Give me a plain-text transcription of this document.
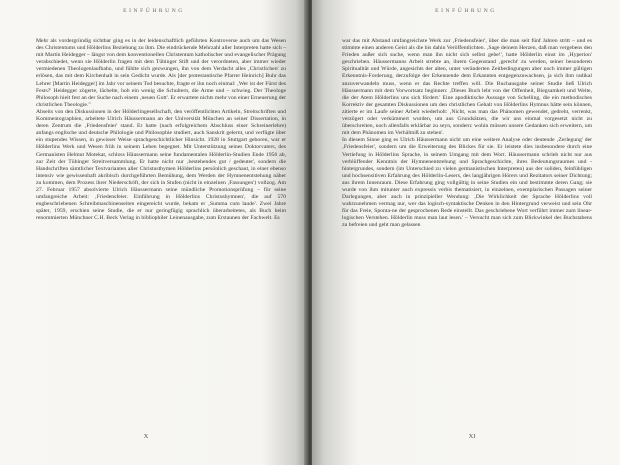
EINFÜHRUNG

Mehr als vordergründig sichtbar ging es in der leidenschaftlich geführten Kontroverse auch um das Wesen des Christentums und Hölderlins Beziehung zu ihm. Die eindrückende Mehrzahl aller Interpreten hatte sich – mit Martin Heidegger – längst von dem konventionellen Christentum katholischer und evangelischer Prägung verabschiedet, wenn sie Hölderlin fragen mit dem Tübinger Stift und der verordneten, aber immer wieder vermiedenen Theologenlaufbahn, und fühlte sich gezwungen, ihn von dem Verdacht alles ‚Christlichen' zu erlösen, das mit dem Kirchenhalt in sein Gedicht wurde. Als [der protestantische Pfarrer Heinrich] Buhr das Lehrer [Martin Heidegger] im Jahr vor seinem Tod besuchte, fragte er ihn noch einmal: ‚Wer ist der Fürst des Fests?' Heidegger zögerte, lächelte, hob ein wenig die Schultern, die Arme und – schwieg. Der Theologe Philosoph hielt fest an der Suche nach einem ‚neuen Gott'. Er erwartete nichts mehr von einer Erneuerung der christlichen Theologie."

Abseits von den Diskussionen in der Hölderlingesellschaft, den veröffentlichten Artikeln, Streitschriften und Kommentographien, arbeitete Ulrich Häussermann an der Universität München an seiner Dissertation, in deren Zentrum die ‚Friedensfeier' stand. Er hatte (nach erfolgreichem Abschluss einer Schreinerlehre) anfangs englische und deutsche Philologie und Philosophie studiert, auch Sanskrit gelernt, und verfügte über ein stupendes Wissen, in gewisser Weise sprachgeschichtlicher Hinsicht. 1928 in Stuttgart geboren, war er Hölderlins Werk und Wesen früh in seinem Leben begegnet. Mit Unterstützung seines Doktorvaters, des Germanisten Helmut Motekat, schloss Häussermann seine fundamentalen Hölderlin-Studien Ende 1956 ab, zur Zeit der Tübinger Streitversammlung. Er hatte nicht nur ‚bestehendes gut / gedeutet', sondern die Handschriften sämtlicher Textvarianten aller Christusthymen Hölderlins persönlich geschaut, in einer ebenso intensiv wie gewissenhaft akribisch durchgeführten Bemühung, dem Werden der Hymnenentstehung näher zu kommen, dem Prozess ihrer Niederschrift, der sich in Stufen (nicht in einzelnen ‚Fassungen') vollzog. Am 27. Februar 1957 absolvierte Ulrich Häussermann seine mündliche Promotionsprüfung – für seine umfangreiche Arbeit: ‚Friedensfeier. Einführung in Hölderlins Christushymnen', die auf 570 engbeschriebenen Schreibmaschinenseiten eingereicht wurde, bekam er ‚Summa cum laude'. Zwei Jahre später, 1959, erschien seine Studie, die er nur geringfügig sprachlich überarbeitetes, als Buch beim renommierten Münchner C.H. Beck Verlag in bibliophiler Leinenausgabe, zum Erstaunen der Fachwelt. Es

X
EINFÜHRUNG

war das mit Abstand umfangreichste Werk zur ‚Friedensfeier', über die man seit fünf Jahren stritt – und es stimmte einen anderen Geist als die bis dahin Veröffentlichten. ‚Sage deinem Herzen, daß man vergebens den Frieden außer sich suche, wenn man ihn nicht sich selbst gebe!', hatte Hölderlin einst im ‚Hyperion' geschrieben. Häussermanns Arbeit strebte an, ihrem Gegenstand ‚gerecht' zu werden, seiner besonderen Spiritualität und Würde, angesichts der alten, unter veränderten Zeitbedingungen aber noch immer gültigen Erkenntnis-Forderung, derzufolge der Erkennende dem Erkannten entgegenzuwachsen, ja sich ihm radikal anzuverwandeln muss, wenn er das Rechte treffen will. Die Buchausgabe seiner Studie ließ Ulrich Häussermann mit dem Vorwortsatz beginnen: ‚Dieses Buch lebt von der Offenheit, Biegsamkeit und Weite, die der Atem Hölderlins uns sich fördert.' Eine apodiktische Aussage von Schelling, die ein methodisches Korrektiv der gesamten Diskussionen um den christlichen Gehalt von Hölderlins Hymnus hätte sein können, zitierte er im Laufe seiner Arbeit wiederholt: ‚Nicht, was man das Phänomen gewendet, gedreht, verrenkt, verzögert oder verkümmert wurden, um aus Grundsätzen, die wir uns einmal vorgesetzt nicht zu überschreiten, noch allenfalls erklärbar zu seyn, sondern: wohin müssen unsere Gedanken sich erweitern, um mit dem Phänomen im Verhältniß zu stehen'.

In diesem Sinne ging es Ulrich Häussermann nicht um eine weitere Analyse oder deutende ‚Zerlegung' der ‚Friedensfeier', sondern um die Erweiterung des Blickes für sie. Er leistete dies insbesondere durch eine Vertiefung in Hölderlins Sprache, in seinem Umgang mit dem Wort. Häussermann schrieb nicht nur aus verblüffender Kenntnis der Hymnenentstehung und Sprachgeschichte, ihres Bedeutungsraumes und -hintergrundes, sondern (im Unterschied zu vielen germanistischen Interpreten) aus der soliden, feinfühligen und hochsensitiven Erfahrung des Hölderlin-Lesers, des langjährigen Hörers und Rezitators seiner Dichtung; aus ihrem Innenraum. Diese Erfahrung ging vollgültig in seine Studien ein und bestimmte deren Gang; sie wurde von ihm mitunter auch expressis verbis thematisiert, in einzelnen, exemplarischen Passagen seiner Darlegungen, aber auch in prinzipieller Wendung: ‚Die Wirklichkeit der Sprache Hölderlins voll wahrzunehmen vermag nur, wer das logisch-syntaktische Denken in den Hintergrund verweist und sein Ohr für das Freie, Sponta-ne der gesprochenen Rede einstellt. Das geschriebene Wort verführt immer zum linear-logischen Verstehen. Hölderlin muss man laut lesen.' – Versucht man sich zum Blickwinkel des Buchstabens zu befreien und geht man gelassen

XI
